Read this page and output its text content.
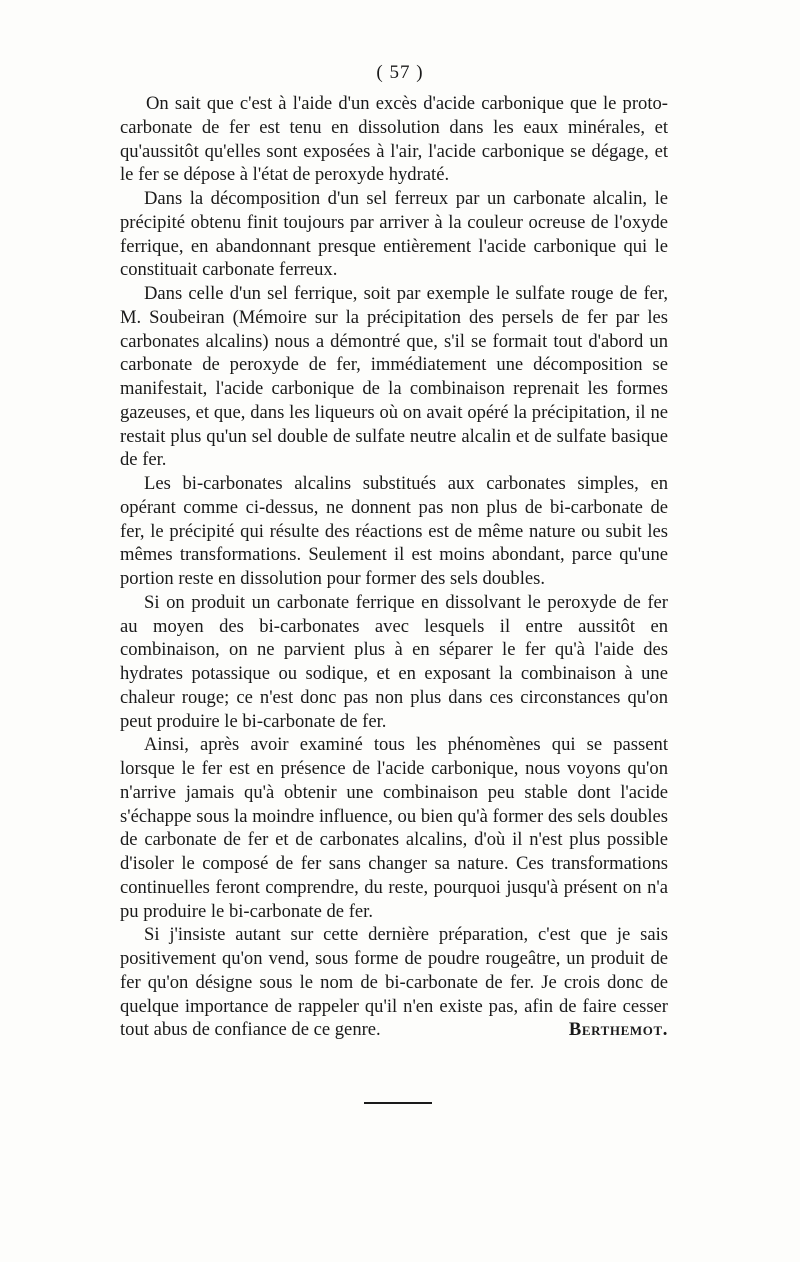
( 57 )

On sait que c'est à l'aide d'un excès d'acide carbonique que le proto-carbonate de fer est tenu en dissolution dans les eaux minérales, et qu'aussitôt qu'elles sont exposées à l'air, l'acide carbonique se dégage, et le fer se dépose à l'état de peroxyde hydraté.

Dans la décomposition d'un sel ferreux par un carbonate alcalin, le précipité obtenu finit toujours par arriver à la couleur ocreuse de l'oxyde ferrique, en abandonnant presque entièrement l'acide carbonique qui le constituait carbonate ferreux.

Dans celle d'un sel ferrique, soit par exemple le sulfate rouge de fer, M. Soubeiran (Mémoire sur la précipitation des persels de fer par les carbonates alcalins) nous a démontré que, s'il se formait tout d'abord un carbonate de peroxyde de fer, immédiatement une décomposition se manifestait, l'acide carbonique de la combinaison reprenait les formes gazeuses, et que, dans les liqueurs où on avait opéré la précipitation, il ne restait plus qu'un sel double de sulfate neutre alcalin et de sulfate basique de fer.

Les bi-carbonates alcalins substitués aux carbonates simples, en opérant comme ci-dessus, ne donnent pas non plus de bi-carbonate de fer, le précipité qui résulte des réactions est de même nature ou subit les mêmes transformations. Seulement il est moins abondant, parce qu'une portion reste en dissolution pour former des sels doubles.

Si on produit un carbonate ferrique en dissolvant le peroxyde de fer au moyen des bi-carbonates avec lesquels il entre aussitôt en combinaison, on ne parvient plus à en séparer le fer qu'à l'aide des hydrates potassique ou sodique, et en exposant la combinaison à une chaleur rouge; ce n'est donc pas non plus dans ces circonstances qu'on peut produire le bi-carbonate de fer.

Ainsi, après avoir examiné tous les phénomènes qui se passent lorsque le fer est en présence de l'acide carbonique, nous voyons qu'on n'arrive jamais qu'à obtenir une combinaison peu stable dont l'acide s'échappe sous la moindre influence, ou bien qu'à former des sels doubles de carbonate de fer et de carbonates alcalins, d'où il n'est plus possible d'isoler le composé de fer sans changer sa nature. Ces transformations continuelles feront comprendre, du reste, pourquoi jusqu'à présent on n'a pu produire le bi-carbonate de fer.

Si j'insiste autant sur cette dernière préparation, c'est que je sais positivement qu'on vend, sous forme de poudre rougeâtre, un produit de fer qu'on désigne sous le nom de bi-carbonate de fer. Je crois donc de quelque importance de rappeler qu'il n'en existe pas, afin de faire cesser tout abus de confiance de ce genre.	Berthemot.
